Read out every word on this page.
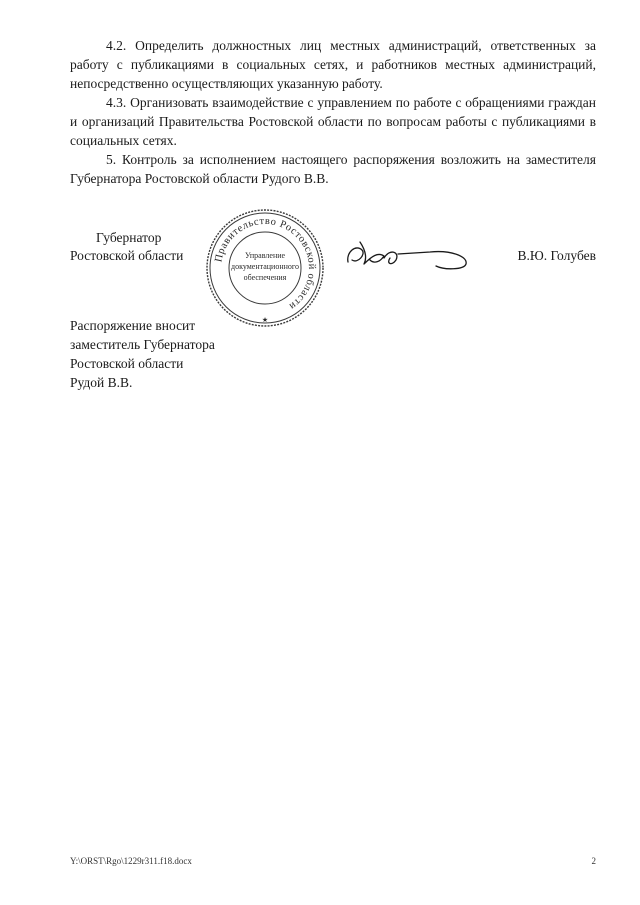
4.2. Определить должностных лиц местных администраций, ответственных за работу с публикациями в социальных сетях, и работников местных администраций, непосредственно осуществляющих указанную работу.

4.3. Организовать взаимодействие с управлением по работе с обращениями граждан и организаций Правительства Ростовской области по вопросам работы с публикациями в социальных сетях.

5. Контроль за исполнением настоящего распоряжения возложить на заместителя Губернатора Ростовской области Рудого В.В.

Губернатор
Ростовской области	Правительство Ростовской области
Управление
документационного
обеспечения
★
В.Ю. Голубев
Распоряжение вносит
заместитель Губернатора
Ростовской области
Рудой В.В.
Y:\ORST\Rgo\1229r311.f18.docx	2
